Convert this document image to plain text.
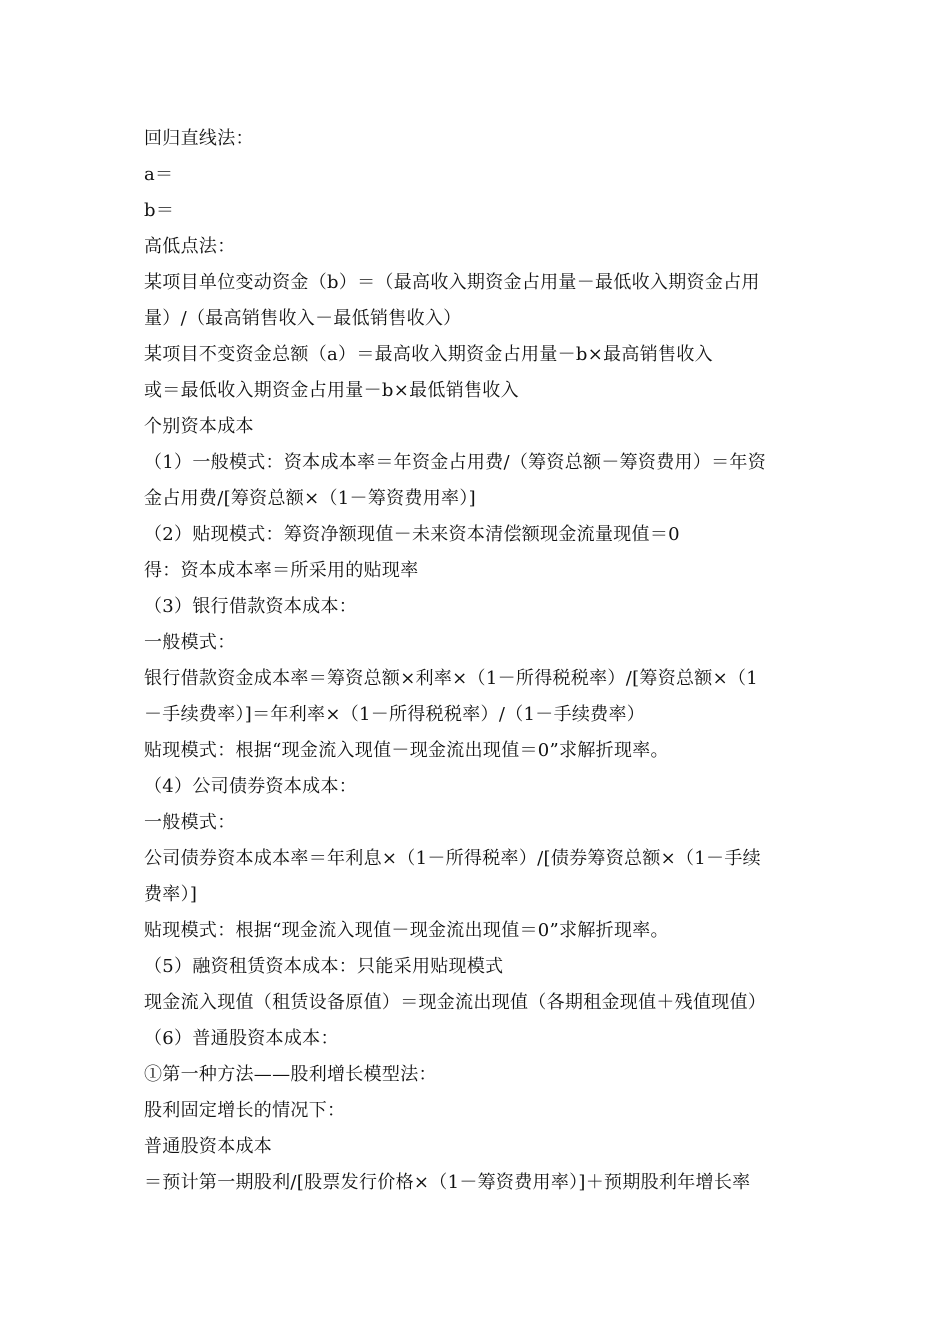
回归直线法：
a＝
b＝
高低点法：
某项目单位变动资金（b）＝（最高收入期资金占用量－最低收入期资金占用
量）/（最高销售收入－最低销售收入）
某项目不变资金总额（a）＝最高收入期资金占用量－b×最高销售收入
或＝最低收入期资金占用量－b×最低销售收入
个别资本成本
（1）一般模式：资本成本率＝年资金占用费/（筹资总额－筹资费用）＝年资
金占用费/[筹资总额×（1－筹资费用率）]
（2）贴现模式：筹资净额现值－未来资本清偿额现金流量现值＝0
得：资本成本率＝所采用的贴现率
（3）银行借款资本成本：
一般模式：
银行借款资金成本率＝筹资总额×利率×（1－所得税税率）/[筹资总额×（1
－手续费率）]＝年利率×（1－所得税税率）/（1－手续费率）
贴现模式：根据“现金流入现值－现金流出现值＝0”求解折现率。
（4）公司债券资本成本：
一般模式：
公司债券资本成本率＝年利息×（1－所得税率）/[债券筹资总额×（1－手续
费率）]
贴现模式：根据“现金流入现值－现金流出现值＝0”求解折现率。
（5）融资租赁资本成本：只能采用贴现模式
现金流入现值（租赁设备原值）＝现金流出现值（各期租金现值＋残值现值）
（6）普通股资本成本：
①第一种方法——股利增长模型法：
股利固定增长的情况下：
普通股资本成本
＝预计第一期股利/[股票发行价格×（1－筹资费用率）]＋预期股利年增长率
